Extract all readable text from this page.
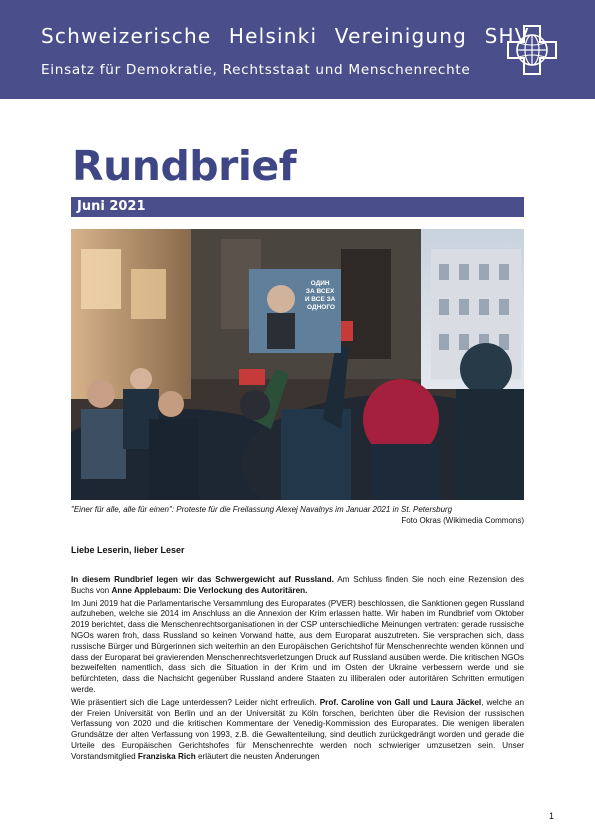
Schweizerische Helsinki Vereinigung SHV
Einsatz für Demokratie, Rechtsstaat und Menschenrechte
Rundbrief
Juni 2021
ОДИН ЗА ВСЕХ И ВСЕ ЗА ОДНОГО
"Einer für alle, alle für einen": Proteste für die Freilassung Alexej Navalnys im Januar 2021 in St. Petersburg
Foto Okras (Wikimedia Commons)
Liebe Leserin, lieber Leser

In diesem Rundbrief legen wir das Schwergewicht auf Russland. Am Schluss finden Sie noch eine Rezension des Buchs von Anne Applebaum: Die Verlockung des Autoritären.

Im Juni 2019 hat die Parlamentarische Versammlung des Europarates (PVER) beschlossen, die Sanktionen gegen Russland aufzuheben, welche sie 2014 im Anschluss an die Annexion der Krim erlassen hatte. Wir haben im Rundbrief vom Oktober 2019 berichtet, dass die Menschenrechtsorganisationen in der CSP unterschiedliche Meinungen vertraten: gerade russische NGOs waren froh, dass Russland so keinen Vorwand hatte, aus dem Europarat auszutreten. Sie versprachen sich, dass russische Bürger und Bürgerinnen sich weiterhin an den Europäischen Gerichtshof für Menschenrechte wenden können und dass der Europarat bei gravierenden Menschenrechtsverletzungen Druck auf Russland ausüben werde. Die kritischen NGOs bezweifelten namentlich, dass sich die Situation in der Krim und im Osten der Ukraine verbessern werde und sie befürchteten, dass die Nachsicht gegenüber Russland andere Staaten zu illiberalen oder autoritären Schritten ermutigen werde.

Wie präsentiert sich die Lage unterdessen? Leider nicht erfreulich. Prof. Caroline von Gall und Laura Jäckel, welche an der Freien Universität von Berlin und an der Universität zu Köln forschen, berichten über die Revision der russischen Verfassung von 2020 und die kritischen Kommentare der Venedig-Kommission des Europarates. Die wenigen liberalen Grundsätze der alten Verfassung von 1993, z.B. die Gewaltenteilung, sind deutlich zurückgedrängt worden und gerade die Urteile des Europäischen Gerichtshofes für Menschenrechte werden noch schwieriger umzusetzen sein. Unser Vorstandsmitglied Franziska Rich erläutert die neusten Änderungen

1
